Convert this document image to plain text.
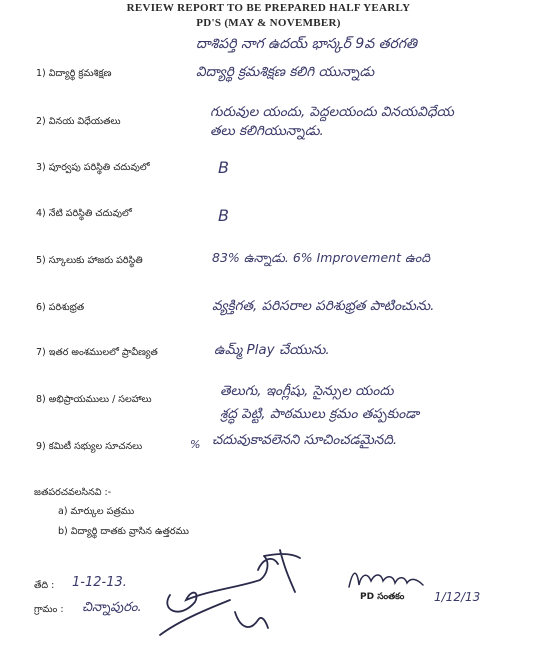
REVIEW REPORT TO BE PREPARED HALF YEARLY
PD'S (MAY & NOVEMBER)
దాశిపర్తి నాగ ఉదయ్ భాస్కర్ 9వ తరగతి
1) విద్యార్థి క్రమశిక్షణ	విద్యార్థి క్రమశిక్షణ కలిగి యున్నాడు
2) వినయ విధేయతలు
గురువుల యందు, పెద్దలయందు వినయవిధేయ
తలు కలిగియున్నాడు.
3) పూర్వపు పరిస్థితి చదువులో	B
4) నేటి పరిస్థితి చదువులో	B
5) స్కూలుకు హాజరు పరిస్థితి	83% ఉన్నాడు. 6% Improvement ఉంది
6) పరిశుభ్రత	వ్యక్తిగత, పరిసరాల పరిశుభ్రత పాటించును.
7) ఇతర అంశములలో ప్రావీణ్యత	ఉమ్మ్ Play చేయును.
8) అభిప్రాయములు / సలహాలు
తెలుగు, ఇంగ్లీషు, సైన్సుల యందు
శ్రద్ధ పెట్టి, పాఠములు క్రమం తప్పకుండా
9) కమిటీ సభ్యుల సూచనలు	% చదువుకావలెనని సూచించడమైనది.
జతపరచవలసినవి :-
a) మార్కుల పత్రము
b) విద్యార్థి దాతకు వ్రాసిన ఉత్తరము
తేది : 1-12-13.
గ్రామం : చిన్నాపురం.
PD సంతకం 1/12/13
